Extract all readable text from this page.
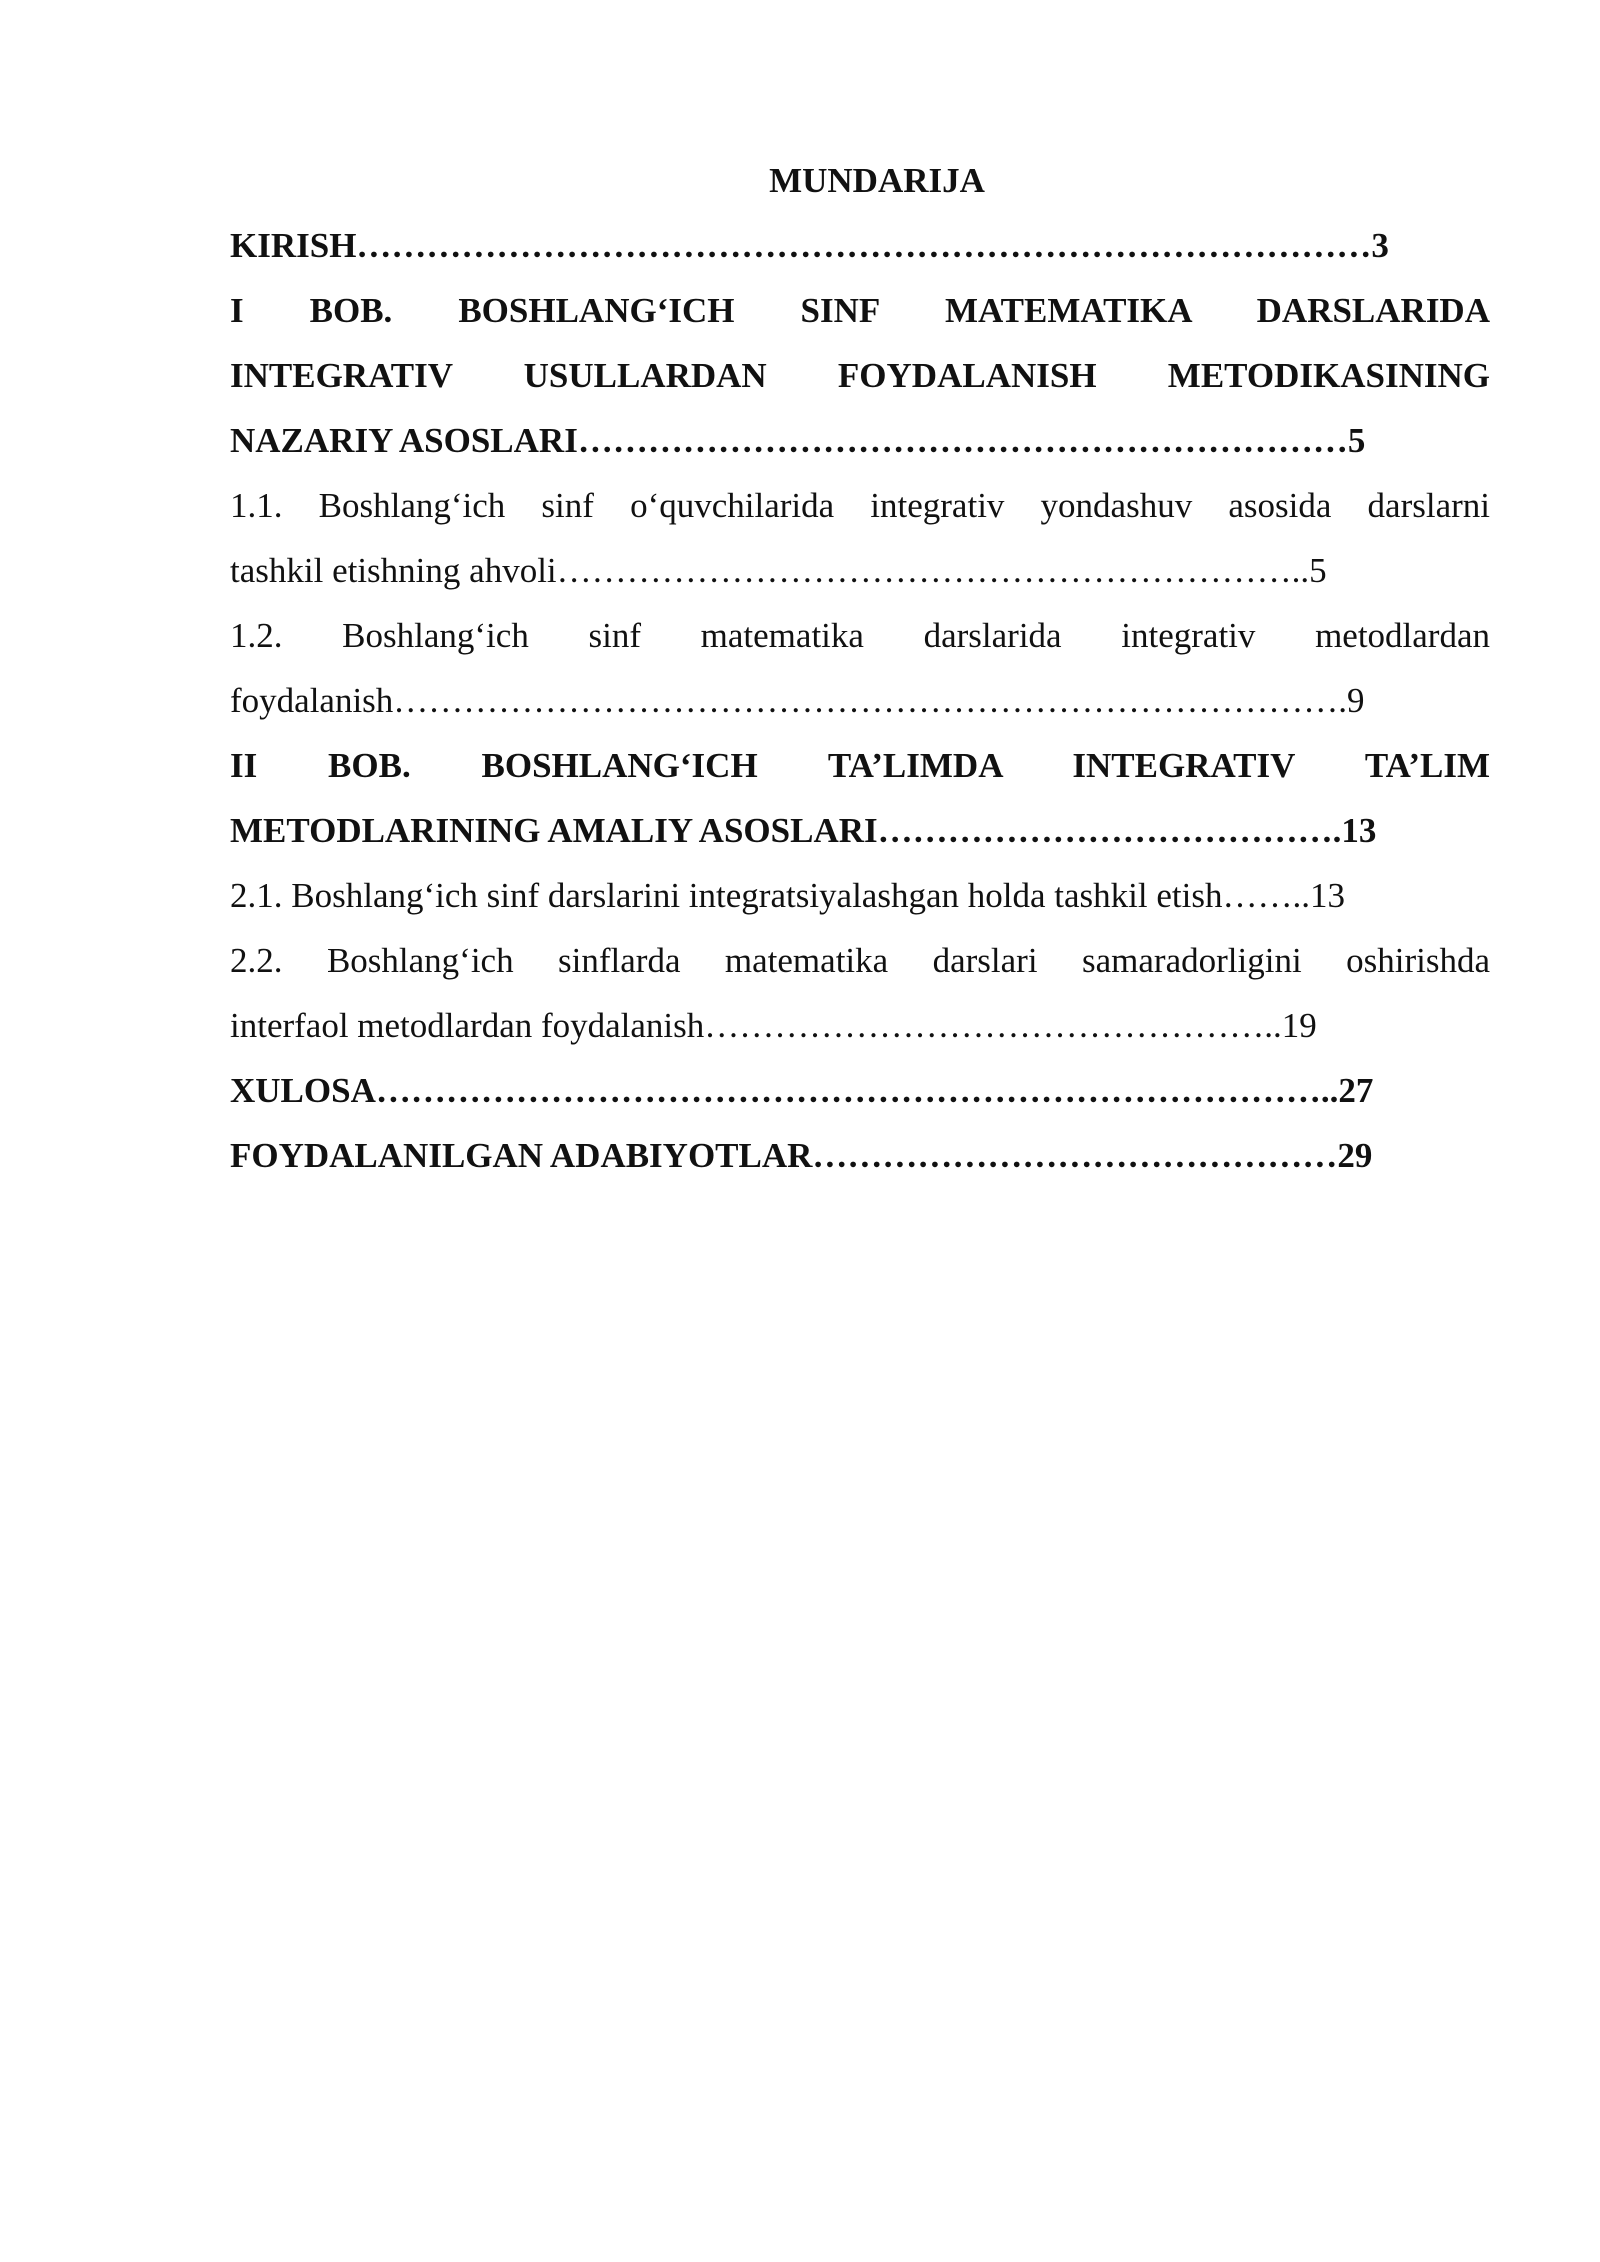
MUNDARIJA
KIRISH……………………………………………………………………………3
I BOB. BOSHLANG‘ICH SINF MATEMATIKA DARSLARIDA
INTEGRATIV USULLARDAN FOYDALANISH METODIKASINING
NAZARIY ASOSLARI…………………………………………………………5
1.1. Boshlang‘ich sinf o‘quvchilarida integrativ yondashuv asosida darslarni
tashkil etishning ahvoli………………………………………………………..5
1.2. Boshlang‘ich sinf matematika darslarida integrativ metodlardan
foydalanish……………………………………………………………………….9
II BOB. BOSHLANG‘ICH TA’LIMDA INTEGRATIV TA’LIM
METODLARINING AMALIY ASOSLARI………………………………….13
2.1. Boshlang‘ich sinf darslarini integratsiyalashgan holda tashkil etish……..13
2.2. Boshlang‘ich sinflarda matematika darslari samaradorligini oshirishda
interfaol metodlardan foydalanish…………………………………………..19
XULOSA………………………………………………………………………..27
FOYDALANILGAN ADABIYOTLAR………………………………………29
